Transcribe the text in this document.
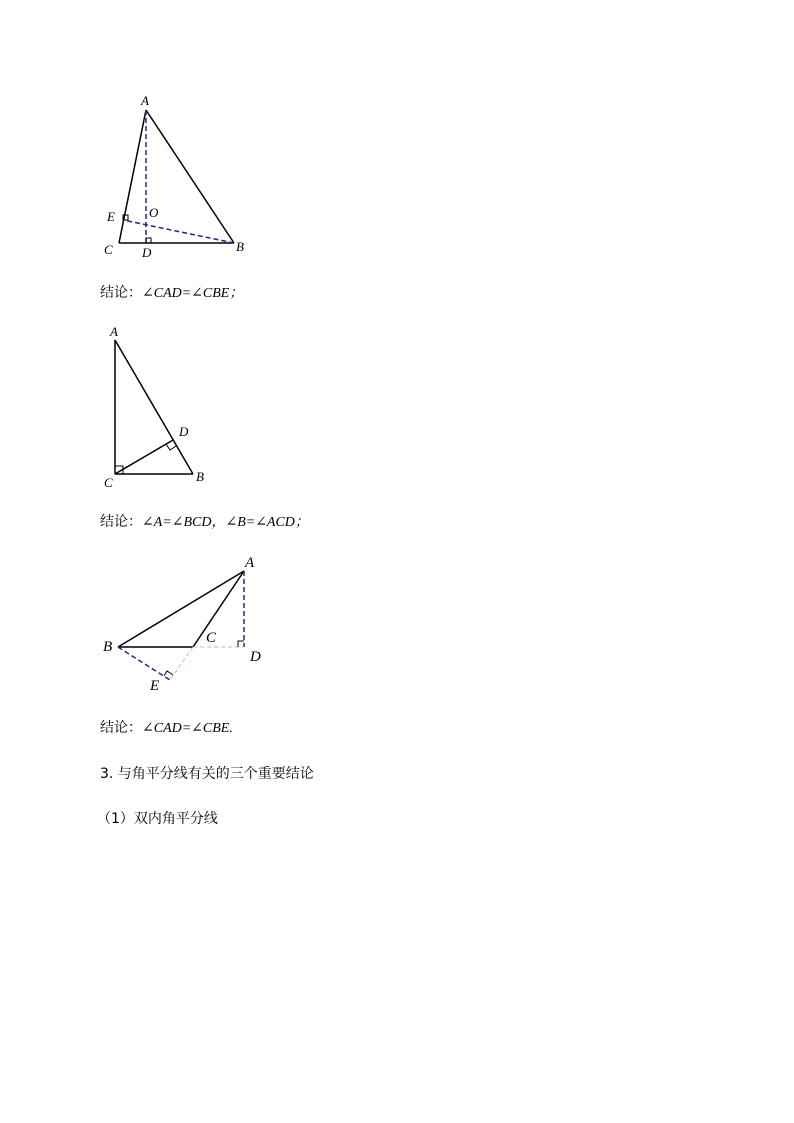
A
E	O
C D	B
结论：∠CAD=∠CBE；
A
D
C	B
结论：∠A=∠BCD，∠B=∠ACD；
A
B
C
D
E
结论：∠CAD=∠CBE.
3. 与角平分线有关的三个重要结论
（1）双内角平分线
